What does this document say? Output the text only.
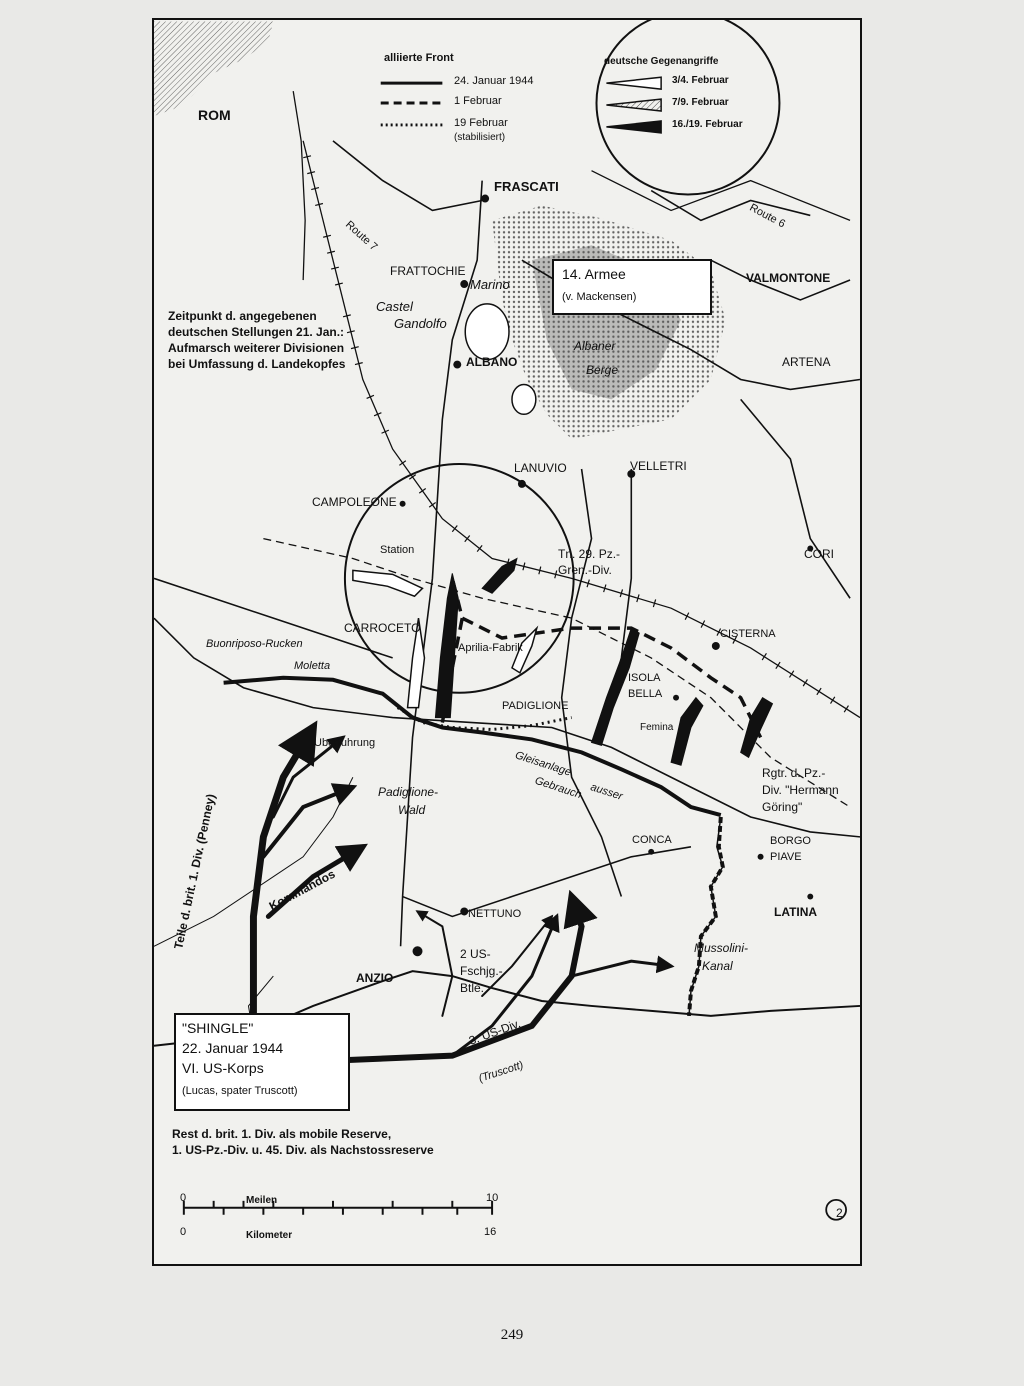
alliierte Front
24. Januar 1944
1 Februar
19 Februar
(stabilisiert)
deutsche Gegenangriffe
3/4. Februar
7/9. Februar
16./19. Februar
ROM
FRASCATI
FRATTOCHIE
Marino
Castel
Gandolfo
ALBANO
Albaner
Berge
VALMONTONE
ARTENA
LANUVIO	VELLETRI
CAMPOLEONE
Station	CORI
CARROCETO
Aprilia-Fabrik
Buonriposo-Rucken
Moletta
CISTERNA
ISOLA
BELLA
PADIGLIONE
Femina
Uberfuhrung
Padiglione-
Wald
Gleisanlage
ausser
Gebrauch
CONCA	BORGO
PIAVE
LATINA
NETTUNO
ANZIO
Mussolini-
Kanal
Route 7
Route 6
14. Armee
(v. Mackensen)
Tn. 29. Pz.-
Gren.-Div.
Rgtr. d. Pz.-
Div. "Hermann
Göring"
2 US-
Fschjg.-
Btle.
Teile d. brit. 1. Div. (Penney)	Kommandos
3. US-Div.
(Truscott)
Zeitpunkt d. angegebenen
deutschen Stellungen 21. Jan.:
Aufmarsch weiterer Divisionen
bei Umfassung d. Landekopfes
"SHINGLE"
22. Januar 1944
VI. US-Korps
(Lucas, spater Truscott)
Rest d. brit. 1. Div. als mobile Reserve,
1. US-Pz.-Div. u. 45. Div. als Nachstossreserve
0	Meilen	10
0	Kilometer	16
2
249
